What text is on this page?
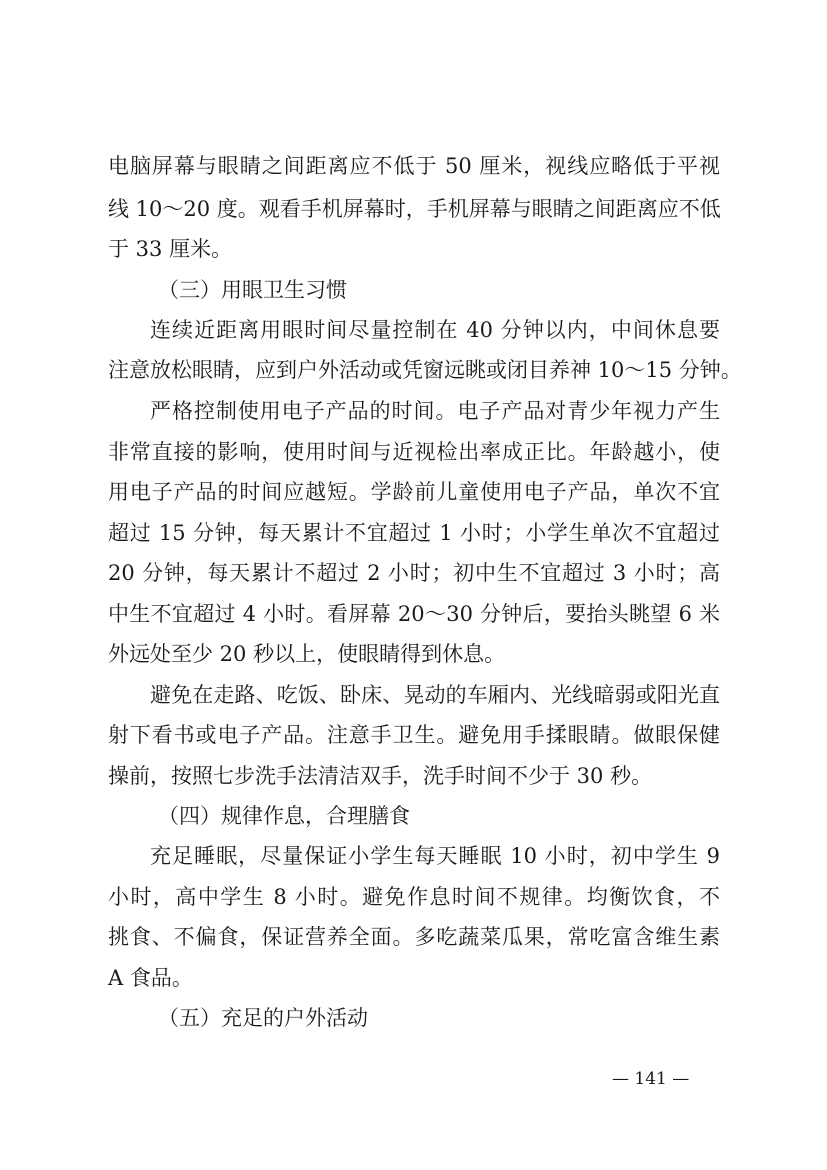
电脑屏幕与眼睛之间距离应不低于 50 厘米，视线应略低于平视
线 10～20 度。观看手机屏幕时，手机屏幕与眼睛之间距离应不低
于 33 厘米。
（三）用眼卫生习惯
连续近距离用眼时间尽量控制在 40 分钟以内，中间休息要
注意放松眼睛，应到户外活动或凭窗远眺或闭目养神 10～15 分钟。
严格控制使用电子产品的时间。电子产品对青少年视力产生
非常直接的影响，使用时间与近视检出率成正比。年龄越小，使
用电子产品的时间应越短。学龄前儿童使用电子产品，单次不宜
超过 15 分钟，每天累计不宜超过 1 小时；小学生单次不宜超过
20 分钟，每天累计不超过 2 小时；初中生不宜超过 3 小时；高
中生不宜超过 4 小时。看屏幕 20～30 分钟后，要抬头眺望 6 米
外远处至少 20 秒以上，使眼睛得到休息。
避免在走路、吃饭、卧床、晃动的车厢内、光线暗弱或阳光直
射下看书或电子产品。注意手卫生。避免用手揉眼睛。做眼保健
操前，按照七步洗手法清洁双手，洗手时间不少于 30 秒。
（四）规律作息，合理膳食
充足睡眠，尽量保证小学生每天睡眠 10 小时，初中学生 9
小时，高中学生 8 小时。避免作息时间不规律。均衡饮食，不
挑食、不偏食，保证营养全面。多吃蔬菜瓜果，常吃富含维生素
A 食品。
（五）充足的户外活动
— 141 —
